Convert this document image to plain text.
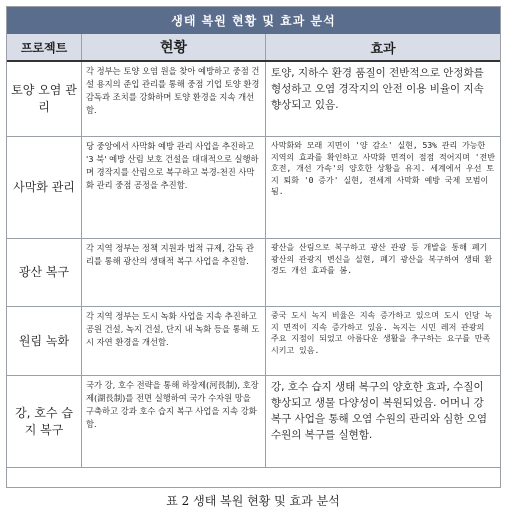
생태 복원 현황 및 효과 분석
프로젝트	현황	효과
토양 오염 관리
각 정부는 토양 오염 원을 찾아 예방하고 중점 건설 용지의 준입 관리를 통해 중점 기업 토양 환경 감독과 조치를 강화하며 토양 환경을 지속 개선함.
토양, 지하수 환경 품질이 전반적으로 안정화를 형성하고 오염 경작지의 안전 이용 비율이 지속 향상되고 있음.
사막화 관리
당 중앙에서 사막화 예방 관리 사업을 추진하고 '3 북' 예방 산림 보호 건설을 대대적으로 실행하며 경작지를 산림으로 복구하고 북경-천진 사막화 관리 중점 공정을 추진함.
사막화와 모래 지면이 '양 감소' 실현, 53% 관리 가능한 지역의 효과를 확인하고 사막화 면적이 점점 적어지며 '전반 호전, 개선 가속'의 양호한 상황을 유지. 세계에서 우선 토지 퇴화 '0 증가' 실현, 전세계 사막화 예방 국제 모범이 됨.
광산 복구
각 지역 정부는 정책 지원과 법적 규제, 감독 관리를 통해 광산의 생태적 복구 사업을 추진함.
광산을 산림으로 복구하고 광산 관광 등 개발을 통해 폐기 광산의 관광지 변신을 실현, 폐기 광산을 복구하여 생태 환경도 개선 효과를 봄.
원림 녹화
각 지역 정부는 도시 녹화 사업을 지속 추진하고 공원 건설, 녹지 건설, 단지 내 녹화 등을 통해 도시 자연 환경을 개선함.
중국 도시 녹지 비율은 지속 증가하고 있으며 도시 인당 녹지 면적이 지속 증가하고 있음. 녹지는 시민 레저 관광의 주요 지점이 되었고 아름다운 생활을 추구하는 요구를 만족시키고 있음.
강, 호수 습지 복구
국가 강, 호수 전략을 통해 하장제(河長制), 호장제(湖長制)를 전면 실행하여 국가 수자원 망을 구축하고 강과 호수 습지 복구 사업을 지속 강화함.
강, 호수 습지 생태 복구의 양호한 효과, 수질이 향상되고 생물 다양성이 복원되었음. 어머니 강 복구 사업을 통해 오염 수원의 관리와 심한 오염 수원의 복구를 실현함.
표 2 생태 복원 현황 및 효과 분석
